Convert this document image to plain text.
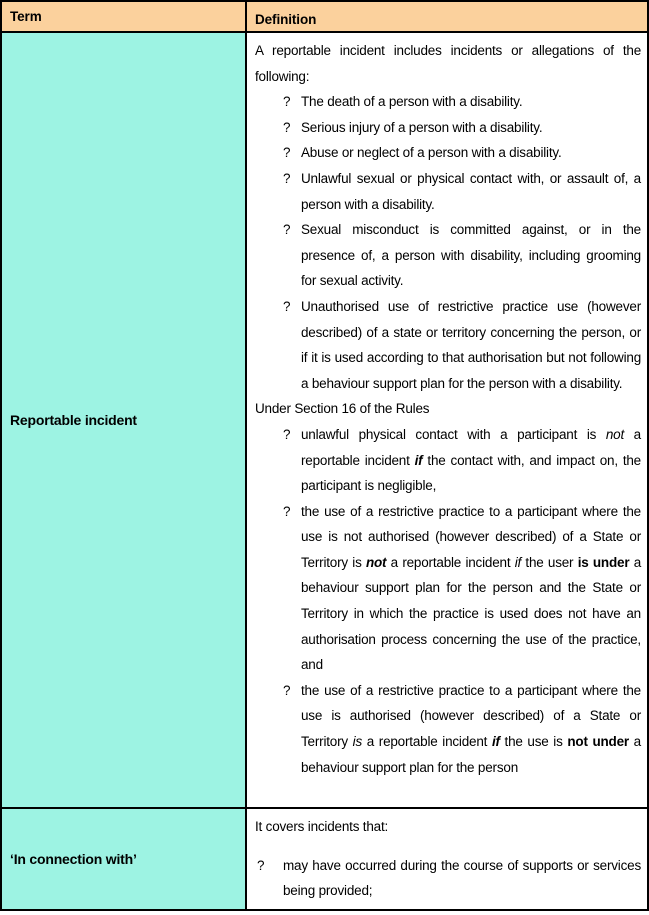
Term	Definition
Reportable incident
A reportable incident includes incidents or allegations of the following:
? The death of a person with a disability.
? Serious injury of a person with a disability.
? Abuse or neglect of a person with a disability.
? Unlawful sexual or physical contact with, or assault of, a person with a disability.
? Sexual misconduct is committed against, or in the presence of, a person with disability, including grooming for sexual activity.
? Unauthorised use of restrictive practice use (however described) of a state or territory concerning the person, or if it is used according to that authorisation but not following a behaviour support plan for the person with a disability.
Under Section 16 of the Rules
? unlawful physical contact with a participant is not a reportable incident if the contact with, and impact on, the participant is negligible,
? the use of a restrictive practice to a participant where the use is not authorised (however described) of a State or Territory is not a reportable incident if the user is under a behaviour support plan for the person and the State or Territory in which the practice is used does not have an authorisation process concerning the use of the practice, and
? the use of a restrictive practice to a participant where the use is authorised (however described) of a State or Territory is a reportable incident if the use is not under a behaviour support plan for the person
‘In connection with’
It covers incidents that:
? may have occurred during the course of supports or services being provided;
